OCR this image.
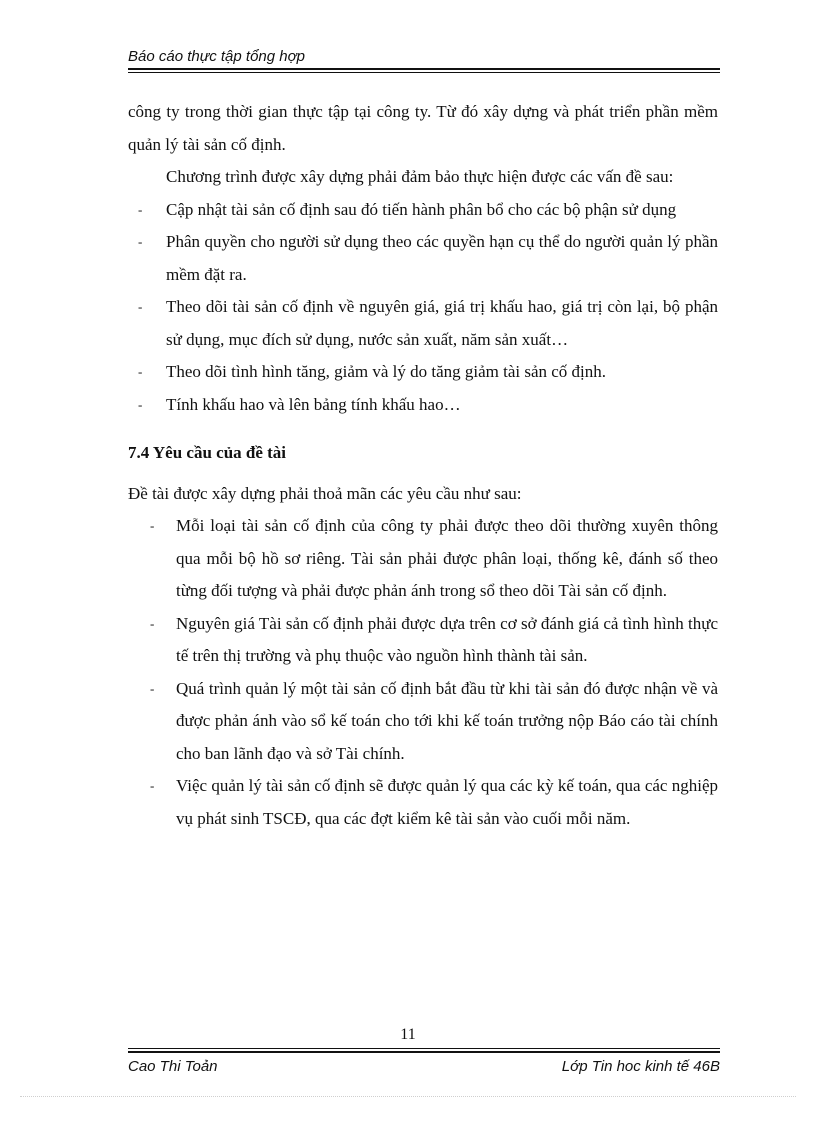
Báo cáo thực tập tổng hợp

công ty trong thời gian thực tập tại công ty. Từ đó xây dựng và phát triển phần mềm quản lý tài sản cố định.

Chương trình được xây dựng phải đảm bảo thực hiện được các vấn đề sau:

- Cập nhật tài sản cố định sau đó tiến hành phân bổ cho các bộ phận sử dụng
- Phân quyền cho người sử dụng theo các quyền hạn cụ thể do người quản lý phần mềm đặt ra.
- Theo dõi tài sản cố định về nguyên giá, giá trị khấu hao, giá trị còn lại, bộ phận sử dụng, mục đích sử dụng, nước sản xuất, năm sản xuất…
- Theo dõi tình hình tăng, giảm và lý do tăng giảm tài sản cố định.
- Tính khấu hao và lên bảng tính khấu hao…
7.4 Yêu cầu của đề tài

Đề tài được xây dựng phải thoả mãn các yêu cầu như sau:

- Mỗi loại tài sản cố định của công ty phải được theo dõi thường xuyên thông qua mỗi bộ hồ sơ riêng. Tài sản phải được phân loại, thống kê, đánh số theo từng đối tượng và phải được phản ánh trong sổ theo dõi Tài sản cố định.
- Nguyên giá Tài sản cố định phải được dựa trên cơ sở đánh giá cả tình hình thực tế trên thị trường và phụ thuộc vào nguồn hình thành tài sản.
- Quá trình quản lý một tài sản cố định bắt đầu từ khi tài sản đó được nhận về và được phản ánh vào sổ kế toán cho tới khi kế toán trưởng nộp Báo cáo tài chính cho ban lãnh đạo và sở Tài chính.
- Việc quản lý tài sản cố định sẽ được quản lý qua các kỳ kế toán, qua các nghiệp vụ phát sinh TSCĐ, qua các đợt kiểm kê tài sản vào cuối mỗi năm.
11
Cao Thi Toản	Lớp Tin hoc kinh tế 46B
